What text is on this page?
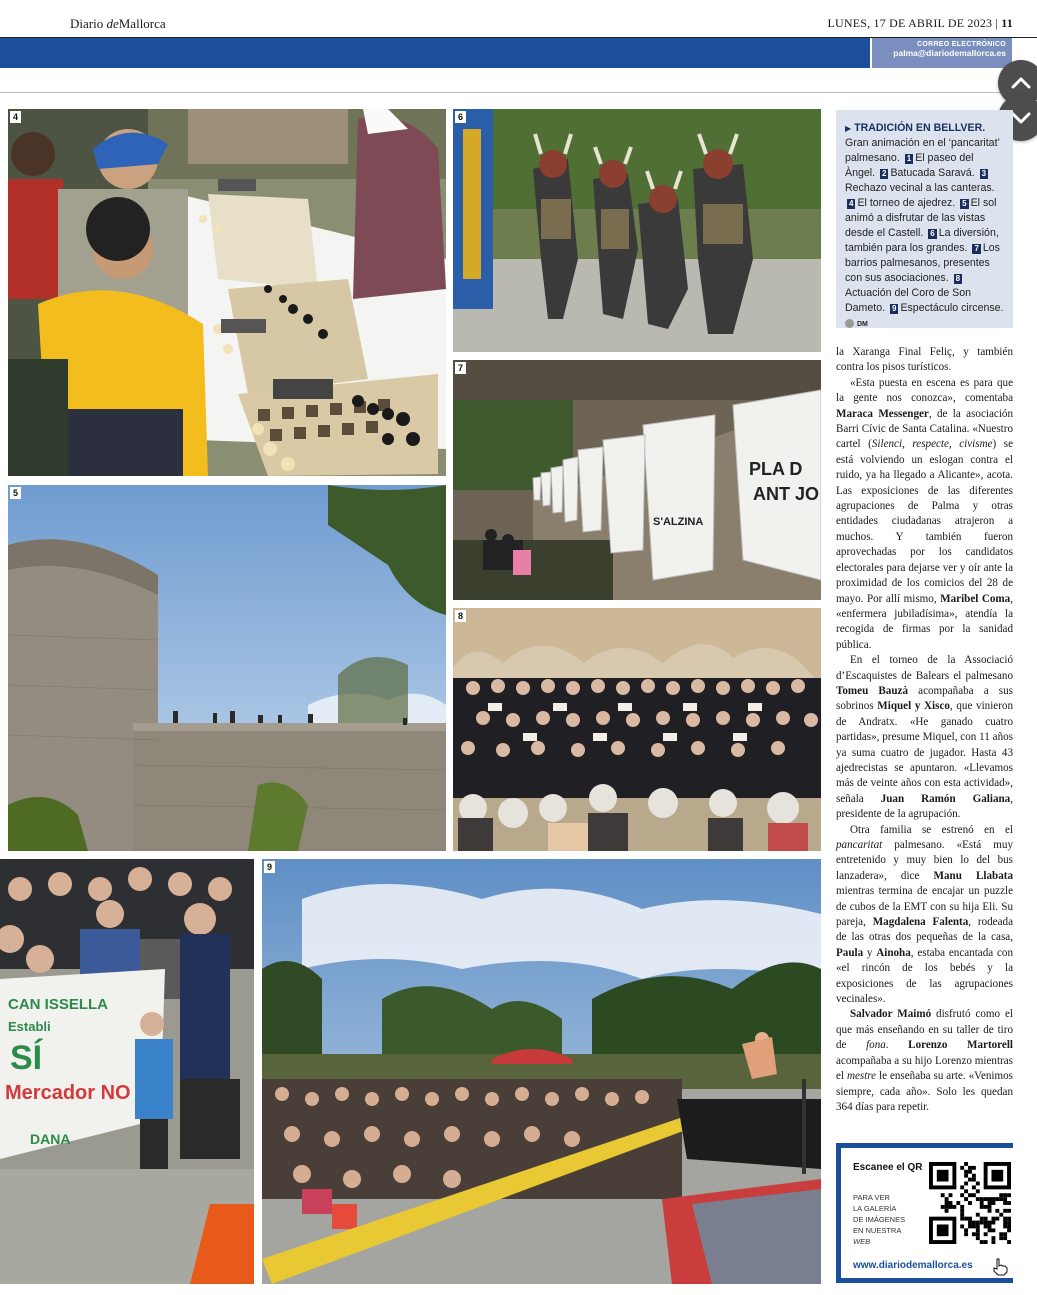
Diario deMallorca	LUNES, 17 DE ABRIL DE 2023 | 11
CORREO ELECTRÓNICO
palma@diariodemallorca.es
4	6
5
7
PLA D
ANT JO
S'ALZINA
8
CAN ISSELLA
Establi
SÍ
Mercador NO
DANA
9
▶ TRADICIÓN EN BELLVER. Gran animación en el ‘pancaritat’ palmesano. 1 El paseo del Àngel. 2 Batucada Saravá. 3Rechazo vecinal a las canteras. 4 El torneo de ajedrez. 5 El sol animó a disfrutar de las vistas desde el Castell. 6 La diversión, también para los grandes. 7 Los barrios palmesanos, presentes con sus asociaciones. 8Actuación del Coro de Son Dameto. 9 Espectáculo circense.  DM

la Xaranga Final Feliç, y también contra los pisos turísticos.

«Esta puesta en escena es para que la gente nos conozca», comentaba Maraca Messenger, de la asociación Barri Cívic de Santa Catalina. «Nuestro cartel (Silenci, respecte, civisme) se está volviendo un eslogan contra el ruido, ya ha llegado a Alicante», acota. Las exposiciones de las diferentes agrupaciones de Palma y otras entidades ciudadanas atrajeron a muchos. Y también fueron aprovechadas por los candidatos electorales para dejarse ver y oír ante la proximidad de los comicios del 28 de mayo. Por allí mismo, Maribel Coma, «enfermera jubiladísima», atendía la recogida de firmas por la sanidad pública.

En el torneo de la Associació d’Escaquistes de Balears el palmesano Tomeu Bauzà acompañaba a sus sobrinos Miquel y Xisco, que vinieron de Andratx. «He ganado cuatro partidas», presume Miquel, con 11 años ya suma cuatro de jugador. Hasta 43 ajedrecistas se apuntaron. «Llevamos más de veinte años con esta actividad», señala Juan Ramón Galiana, presidente de la agrupación.

Otra familia se estrenó en el pancaritat palmesano. «Está muy entretenido y muy bien lo del bus lanzadera», dice Manu Llabata mientras termina de encajar un puzzle de cubos de la EMT con su hija Eli. Su pareja, Magdalena Falenta, rodeada de las otras dos pequeñas de la casa, Paula y Ainoha, estaba encantada con «el rincón de los bebés y la exposiciones de las agrupaciones vecinales».

Salvador Maimó disfrutó como el que más enseñando en su taller de tiro de fona. Lorenzo Martorell acompañaba a su hijo Lorenzo mientras el mestre le enseñaba su arte. «Venimos siempre, cada año». Solo les quedan 364 días para repetir.

Escanee el QR
PARA VER
LA GALERÍA
DE IMÁGENES
EN NUESTRA
WEB
www.diariodemallorca.es
